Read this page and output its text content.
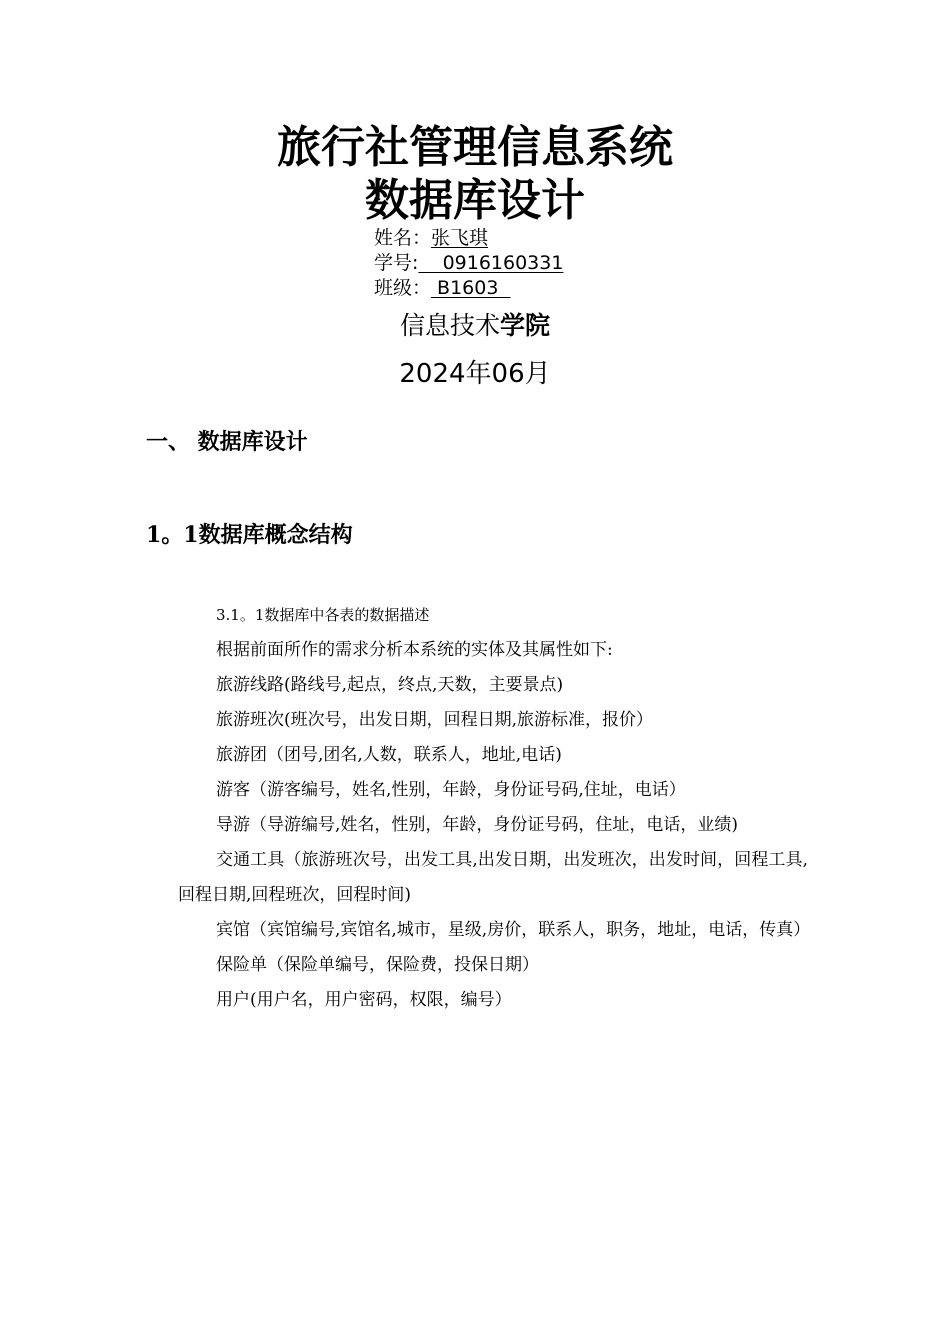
旅行社管理信息系统
数据库设计
姓名：张飞琪
学号:    0916160331
班级： B1603
信息技术学院
2024年06月
一、 数据库设计
1。1数据库概念结构

3.1。1数据库中各表的数据描述

根据前面所作的需求分析本系统的实体及其属性如下:

旅游线路(路线号,起点，终点,天数，主要景点)

旅游班次(班次号，出发日期，回程日期,旅游标准，报价）

旅游团（团号,团名,人数，联系人，地址,电话)

游客（游客编号，姓名,性别，年龄，身份证号码,住址，电话）

导游（导游编号,姓名，性别，年龄，身份证号码，住址，电话，业绩)

交通工具（旅游班次号，出发工具,出发日期，出发班次，出发时间，回程工具,回程日期,回程班次，回程时间)

宾馆（宾馆编号,宾馆名,城市，星级,房价，联系人，职务，地址，电话，传真）

保险单（保险单编号，保险费，投保日期）

用户(用户名，用户密码，权限，编号）
